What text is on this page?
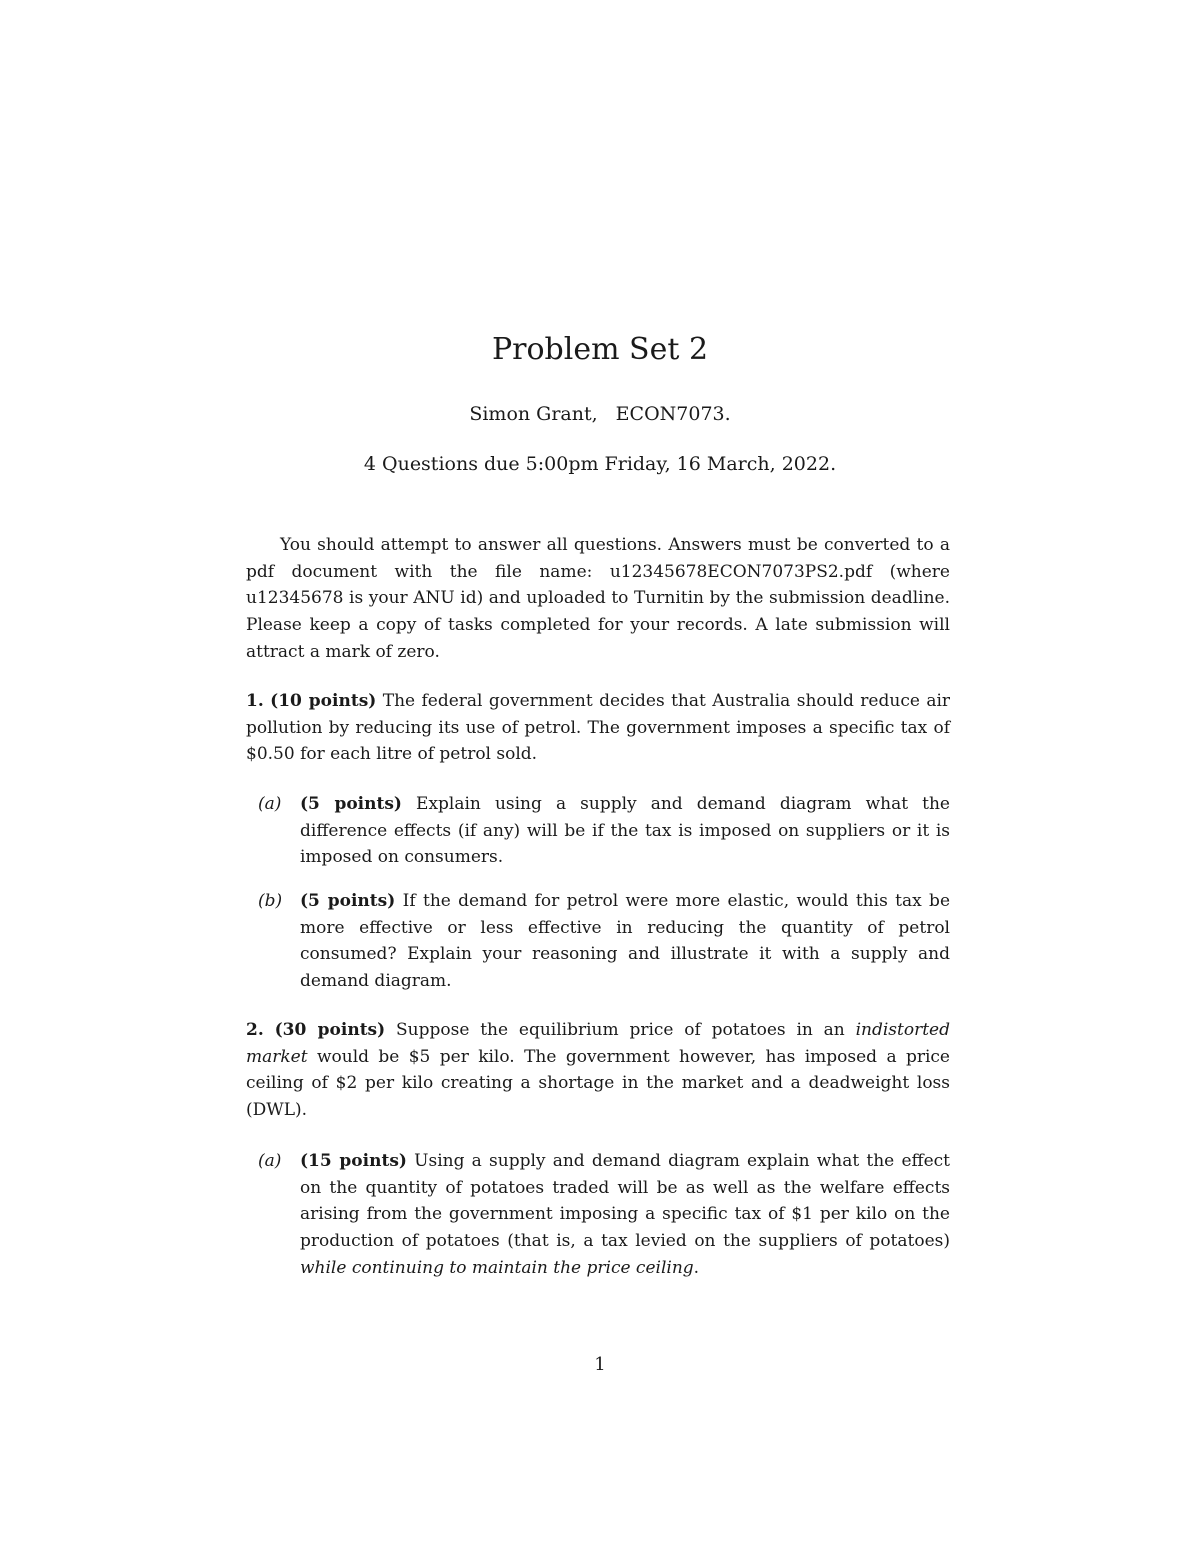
Problem Set 2
Simon Grant, ECON7073.
4 Questions due 5:00pm Friday, 16 March, 2022.
You should attempt to answer all questions. Answers must be converted to a pdf document with the file name: u12345678ECON7073PS2.pdf (where u12345678 is your ANU id) and uploaded to Turnitin by the submission deadline. Please keep a copy of tasks completed for your records. A late submission will attract a mark of zero.
1. (10 points) The federal government decides that Australia should reduce air pollution by reducing its use of petrol. The government imposes a specific tax of $0.50 for each litre of petrol sold.
(a) (5 points) Explain using a supply and demand diagram what the difference effects (if any) will be if the tax is imposed on suppliers or it is imposed on consumers.
(b) (5 points) If the demand for petrol were more elastic, would this tax be more effective or less effective in reducing the quantity of petrol consumed? Explain your reasoning and illustrate it with a supply and demand diagram.
2. (30 points) Suppose the equilibrium price of potatoes in an indistorted market would be $5 per kilo. The government however, has imposed a price ceiling of $2 per kilo creating a shortage in the market and a deadweight loss (DWL).
(a) (15 points) Using a supply and demand diagram explain what the effect on the quantity of potatoes traded will be as well as the welfare effects arising from the government imposing a specific tax of $1 per kilo on the production of potatoes (that is, a tax levied on the suppliers of potatoes) while continuing to maintain the price ceiling.
1
